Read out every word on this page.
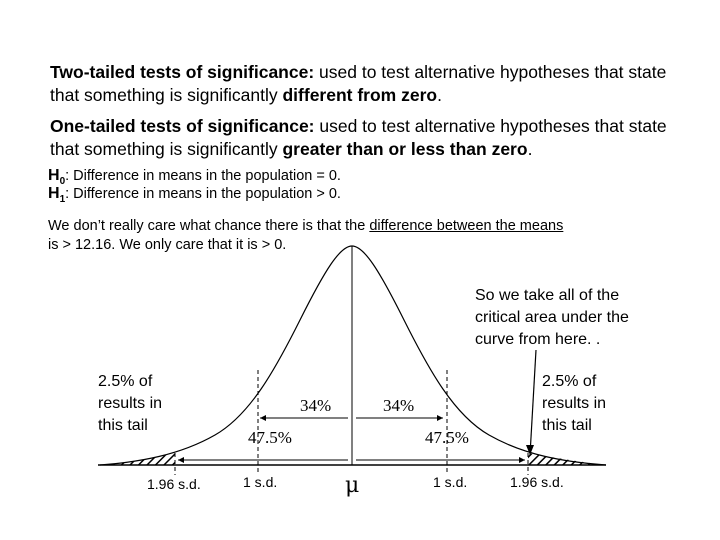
Two-tailed tests of significance: used to test alternative hypotheses that state that something is significantly different from zero.
One-tailed tests of significance: used to test alternative hypotheses that state that something is significantly greater than or less than zero.
$H_0$: Difference in means in the population = 0.
$H_1$: Difference in means in the population > 0.
We don’t really care what chance there is that the difference between the means
is > 12.16. We only care that it is > 0.
So we take all of the critical area under the curve from here. .
2.5% of
results in
this tail
2.5% of
results in
this tail
34%	34%
47.5%	47.5%
1.96 s.d.	1 s.d.	μ	1 s.d.	1.96 s.d.
